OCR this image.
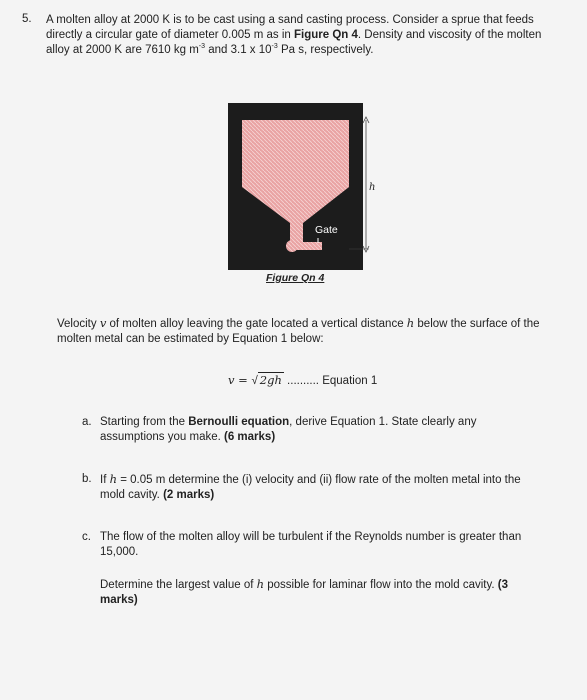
5. A molten alloy at 2000 K is to be cast using a sand casting process. Consider a sprue that feeds directly a circular gate of diameter 0.005 m as in Figure Qn 4. Density and viscosity of the molten alloy at 2000 K are 7610 kg $m^{-3}$ and 3.1 x $10^{-3}$ Pa s, respectively.
Gate
h
Figure Qn 4
Velocity v of molten alloy leaving the gate located a vertical distance h below the surface of the molten metal can be estimated by Equation 1 below:
v = √ 2gh .......... Equation 1
a. Starting from the Bernoulli equation, derive Equation 1. State clearly any assumptions you make. (6 marks)
b. If h = 0.05 m determine the (i) velocity and (ii) flow rate of the molten metal into the mold cavity. (2 marks)
c. The flow of the molten alloy will be turbulent if the Reynolds number is greater than 15,000.
Determine the largest value of h possible for laminar flow into the mold cavity. (3 marks)
